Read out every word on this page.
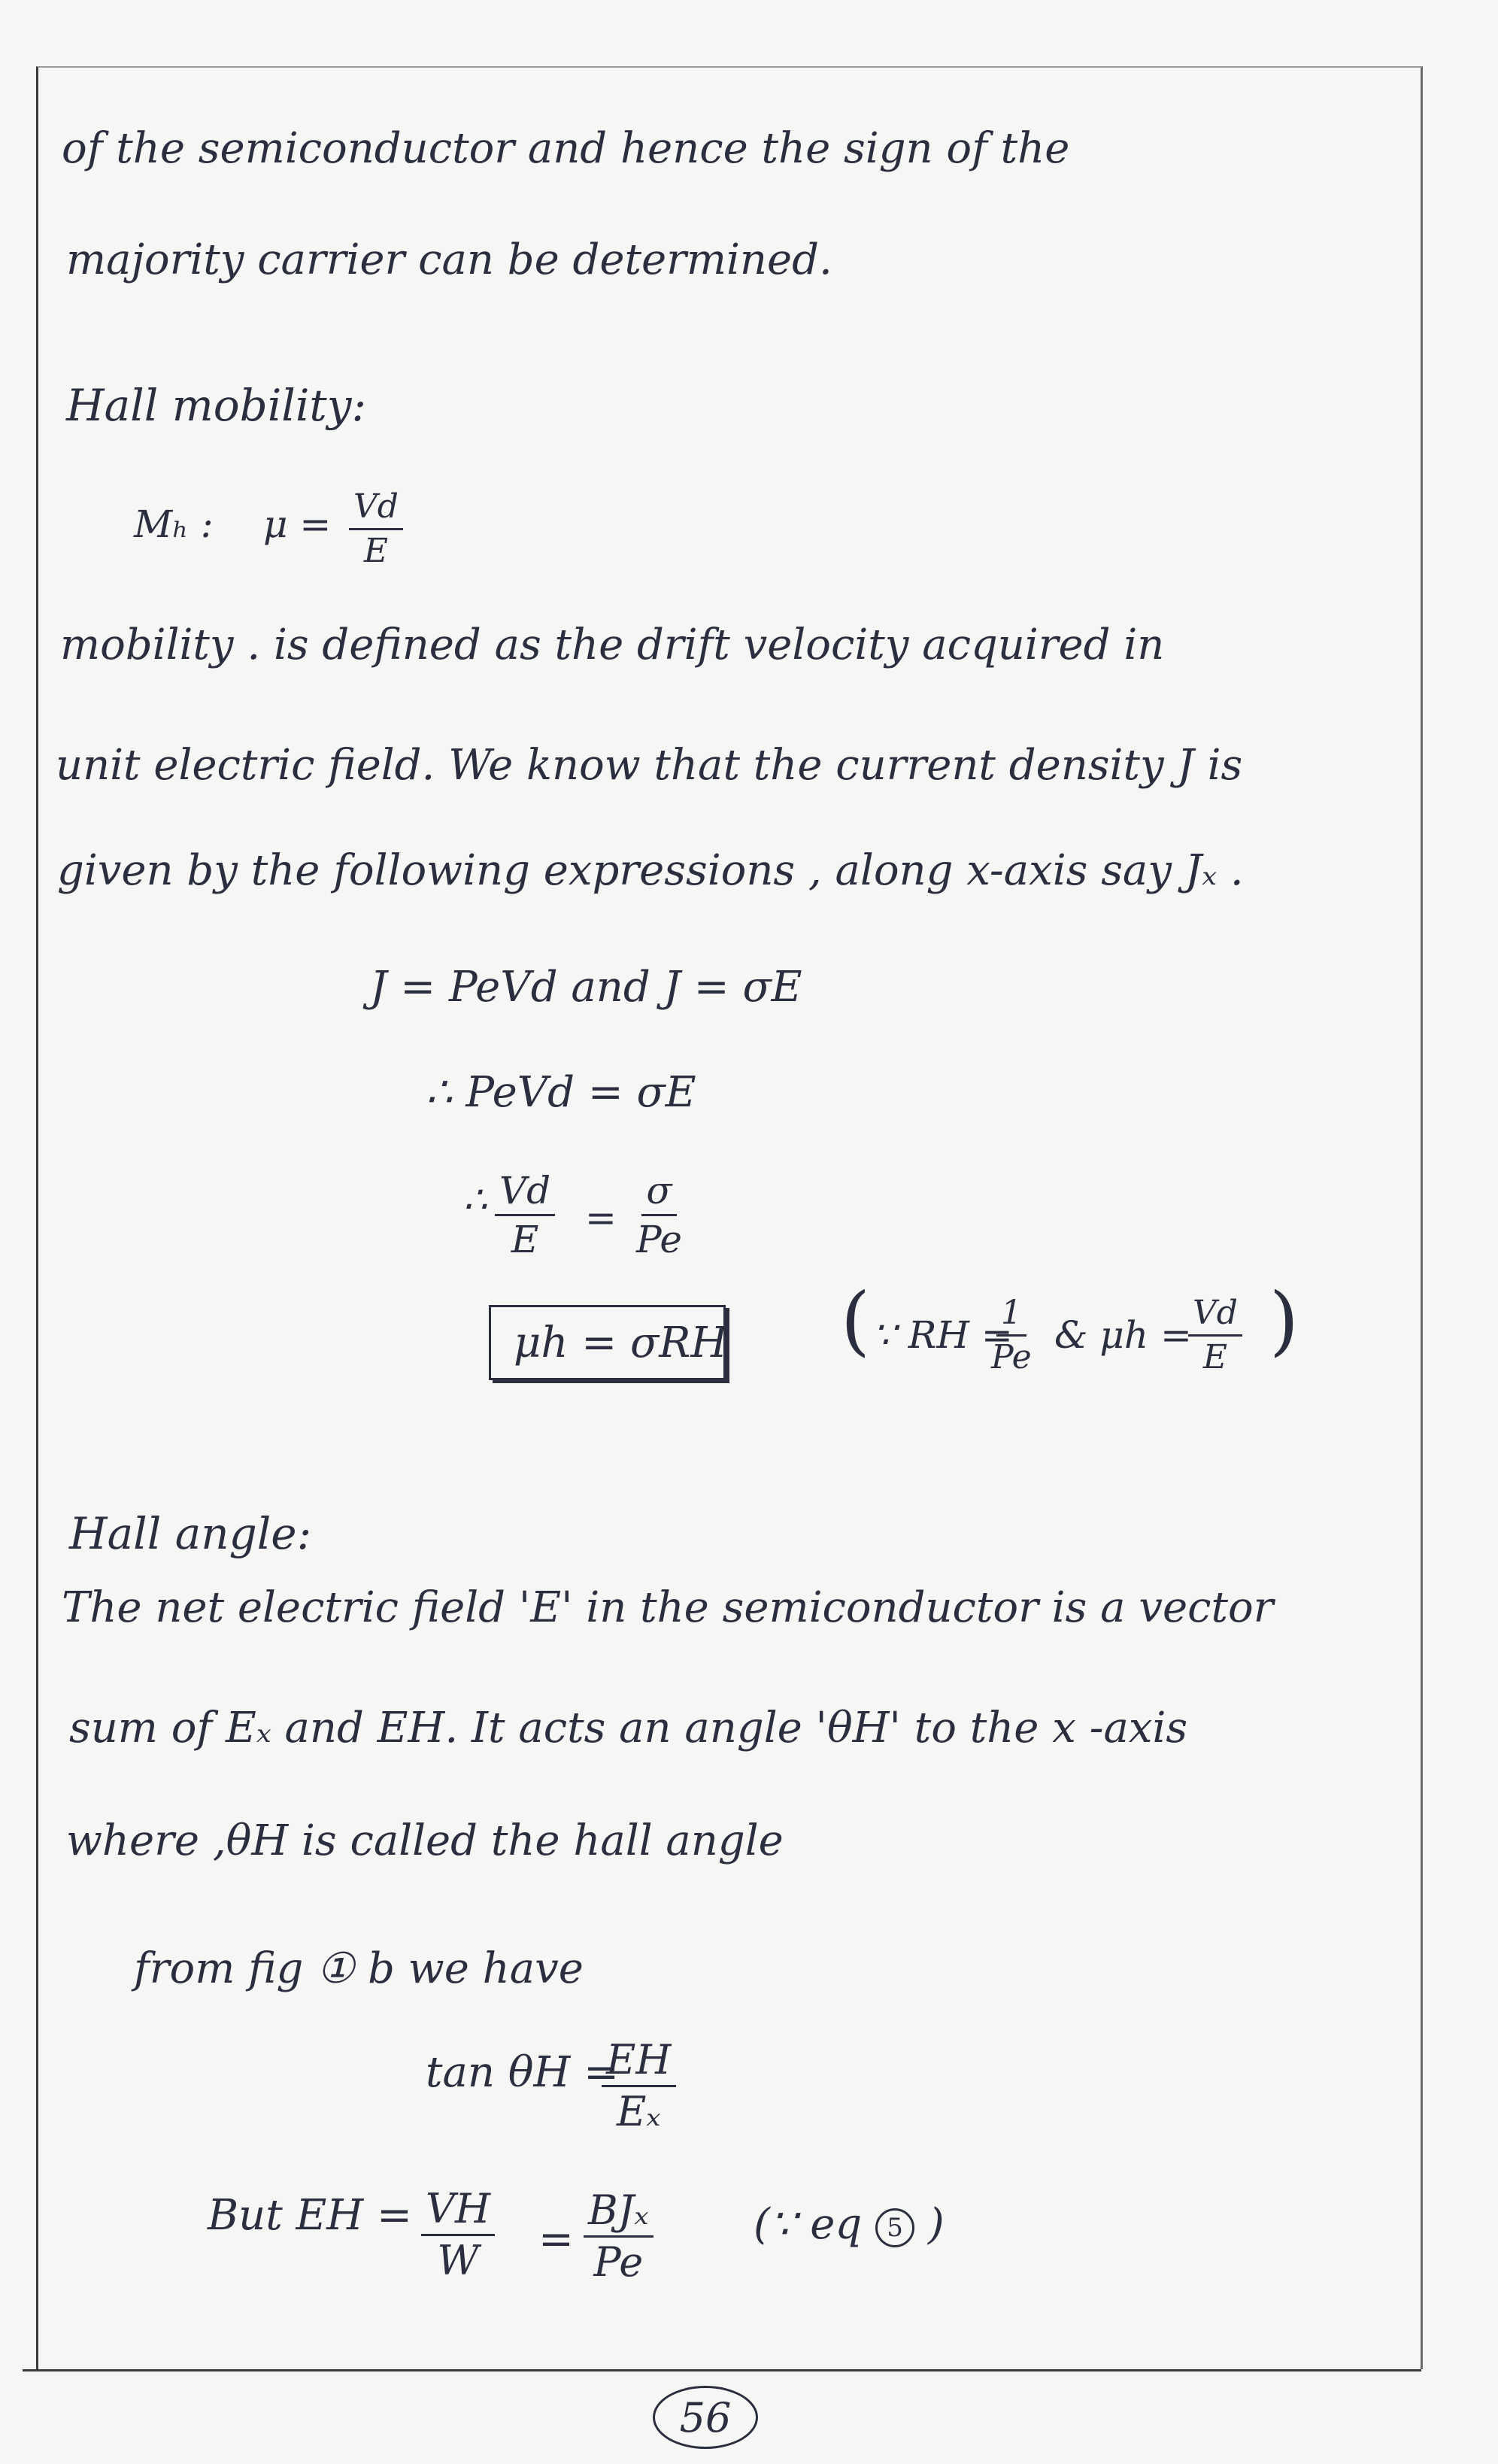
of the semiconductor and hence the sign of the
majority carrier can be determined.
Hall mobility:
Mₕ : $\mu = \frac{Vd}{E}$
mobility . is defined as the drift velocity acquired in
unit electric field. We know that the current density J is
given by the following expressions , along x-axis say Jₓ .
J = PeVd and J = σE
∴ PeVd = σE
∴ $\frac{Vd}{E} = \frac{\sigma}{Pe}$
μh = σRH ( ∵ RH =
$\frac{1}{Pe}$ & μh =
$\frac{Vd}{E}$ )
Hall angle:
The net electric field 'E' in the semiconductor is a vector
sum of Eₓ and EH. It acts an angle 'θH' to the x -axis
where ,θH is called the hall angle
from fig ① b we have
tan θH =
$\frac{EH}{\text{Eₓ}}$
But EH = $\frac{VH}{W}$ =
BJₓ
Pe
(∵ eq 5 )
56
